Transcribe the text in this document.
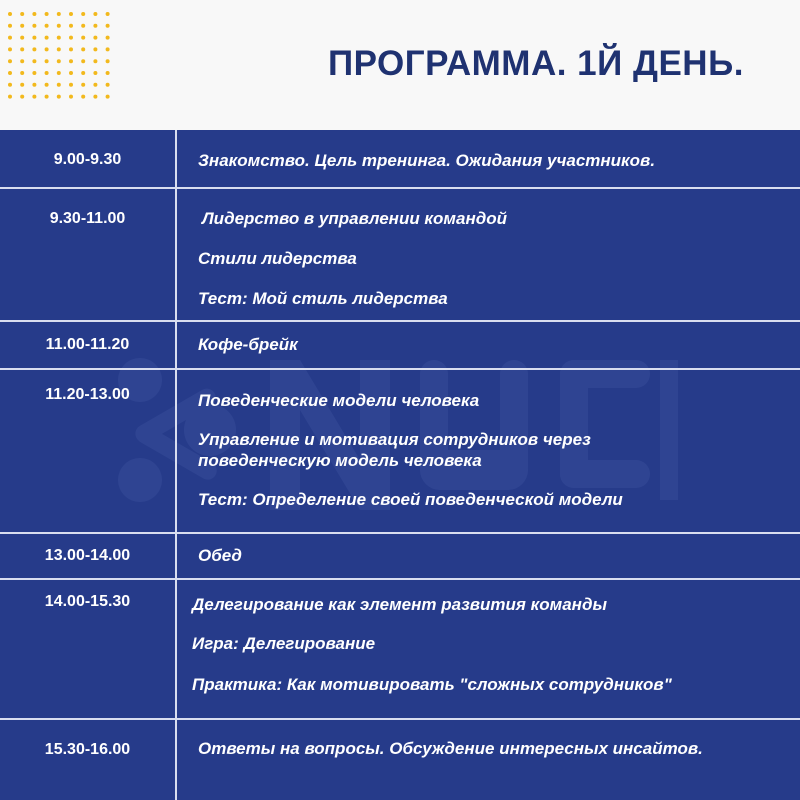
ПРОГРАММА. 1Й ДЕНЬ.
9.00-9.30	Знакомство. Цель тренинга. Ожидания участников.
9.30-11.00	Лидерство в управлении командой
Стили лидерства
Тест: Мой стиль лидерства
11.00-11.20	Кофе-брейк
11.20-13.00	Поведенческие модели человека
Управление и мотивация сотрудников через
поведенческую модель человека
Тест: Определение своей поведенческой модели
13.00-14.00	Обед
14.00-15.30	Делегирование как элемент развития команды
Игра: Делегирование
Практика: Как мотивировать "сложных сотрудников"
15.30-16.00	Ответы на вопросы. Обсуждение интересных инсайтов.
